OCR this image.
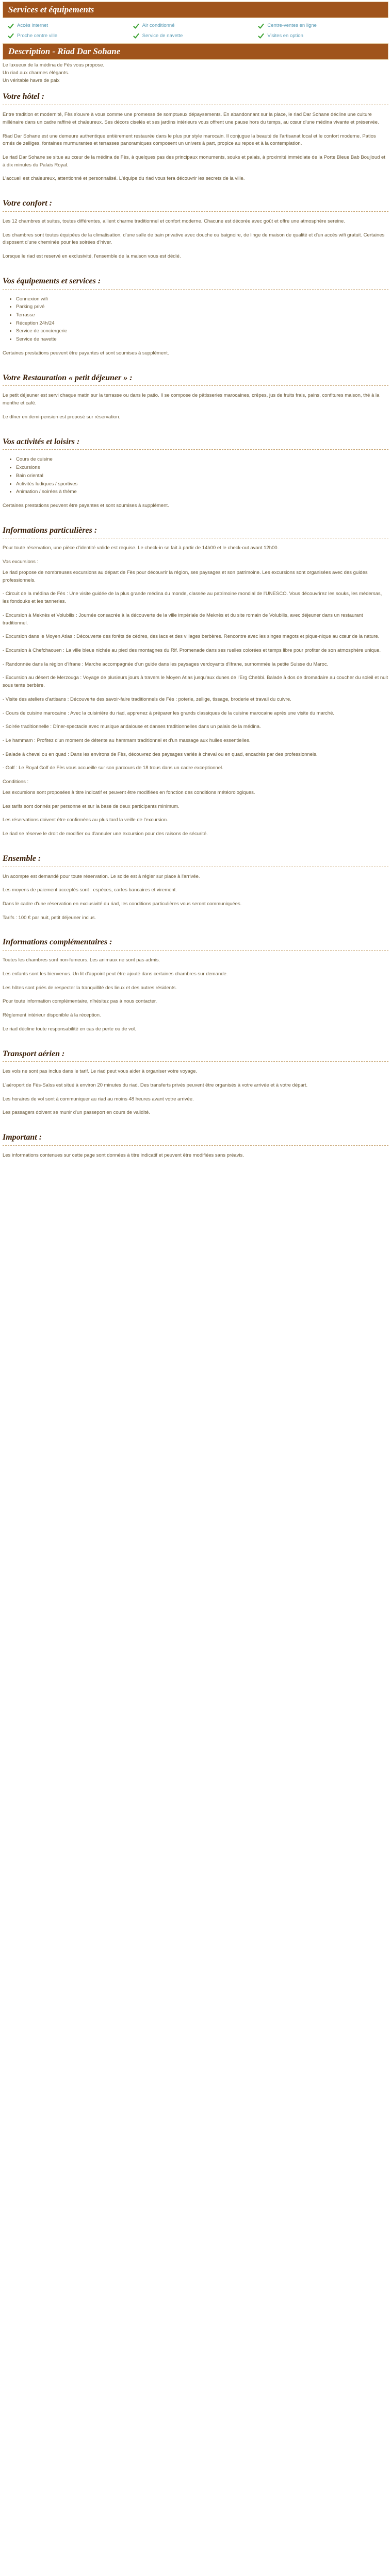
Services et équipements
Accès internet	Air conditionné	Centre-ventes en ligne
Proche centre ville	Service de navette	Visites en option
Description - Riad Dar Sohane
Le luxueux de la médina de Fès vous propose.
Un riad aux charmes élégants.
Un véritable havre de paix
Votre hôtel :

Entre tradition et modernité, Fès s'ouvre à vous comme une promesse de somptueux dépaysements. En abandonnant sur la place, le riad Dar Sohane décline une culture millénaire dans un cadre raffiné et chaleureux. Ses décors ciselés et ses jardins intérieurs vous offrent une pause hors du temps, au cœur d'une médina vivante et préservée.

Riad Dar Sohane est une demeure authentique entièrement restaurée dans le plus pur style marocain. Il conjugue la beauté de l'artisanat local et le confort moderne. Patios ornés de zelliges, fontaines murmurantes et terrasses panoramiques composent un univers à part, propice au repos et à la contemplation.

Le riad Dar Sohane se situe au cœur de la médina de Fès, à quelques pas des principaux monuments, souks et palais, à proximité immédiate de la Porte Bleue Bab Boujloud et à dix minutes du Palais Royal.

L'accueil est chaleureux, attentionné et personnalisé. L'équipe du riad vous fera découvrir les secrets de la ville.

Votre confort :

Les 12 chambres et suites, toutes différentes, allient charme traditionnel et confort moderne. Chacune est décorée avec goût et offre une atmosphère sereine.

Les chambres sont toutes équipées de la climatisation, d'une salle de bain privative avec douche ou baignoire, de linge de maison de qualité et d'un accès wifi gratuit. Certaines disposent d'une cheminée pour les soirées d'hiver.

Lorsque le riad est reservé en exclusivité, l'ensemble de la maison vous est dédié.

Vos équipements et services :
• Connexion wifi
• Parking privé
• Terrasse
• Réception 24h/24
• Service de conciergerie
• Service de navette

Certaines prestations peuvent être payantes et sont soumises à supplément.

Votre Restauration « petit déjeuner » :

Le petit déjeuner est servi chaque matin sur la terrasse ou dans le patio. Il se compose de pâtisseries marocaines, crêpes, jus de fruits frais, pains, confitures maison, thé à la menthe et café.

Le dîner en demi-pension est proposé sur réservation.

Vos activités et loisirs :
• Cours de cuisine
• Excursions
• Bain oriental
• Activités ludiques / sportives
• Animation / soirées à thème

Certaines prestations peuvent être payantes et sont soumises à supplément.

Informations particulières :

Pour toute réservation, une pièce d'identité valide est requise. Le check-in se fait à partir de 14h00 et le check-out avant 12h00.

Vos excursions :

Le riad propose de nombreuses excursions au départ de Fès pour découvrir la région, ses paysages et son patrimoine. Les excursions sont organisées avec des guides professionnels.

- Circuit de la médina de Fès : Une visite guidée de la plus grande médina du monde, classée au patrimoine mondial de l'UNESCO. Vous découvrirez les souks, les médersas, les fondouks et les tanneries.

- Excursion à Meknès et Volubilis : Journée consacrée à la découverte de la ville impériale de Meknès et du site romain de Volubilis, avec déjeuner dans un restaurant traditionnel.

- Excursion dans le Moyen Atlas : Découverte des forêts de cèdres, des lacs et des villages berbères. Rencontre avec les singes magots et pique-nique au cœur de la nature.

- Excursion à Chefchaouen : La ville bleue nichée au pied des montagnes du Rif. Promenade dans ses ruelles colorées et temps libre pour profiter de son atmosphère unique.

- Randonnée dans la région d'Ifrane : Marche accompagnée d'un guide dans les paysages verdoyants d'Ifrane, surnommée la petite Suisse du Maroc.

- Excursion au désert de Merzouga : Voyage de plusieurs jours à travers le Moyen Atlas jusqu'aux dunes de l'Erg Chebbi. Balade à dos de dromadaire au coucher du soleil et nuit sous tente berbère.

- Visite des ateliers d'artisans : Découverte des savoir-faire traditionnels de Fès : poterie, zellige, tissage, broderie et travail du cuivre.

- Cours de cuisine marocaine : Avec la cuisinière du riad, apprenez à préparer les grands classiques de la cuisine marocaine après une visite du marché.

- Soirée traditionnelle : Dîner-spectacle avec musique andalouse et danses traditionnelles dans un palais de la médina.

- Le hammam : Profitez d'un moment de détente au hammam traditionnel et d'un massage aux huiles essentielles.

- Balade à cheval ou en quad : Dans les environs de Fès, découvrez des paysages variés à cheval ou en quad, encadrés par des professionnels.

- Golf : Le Royal Golf de Fès vous accueille sur son parcours de 18 trous dans un cadre exceptionnel.

Conditions :

Les excursions sont proposées à titre indicatif et peuvent être modifiées en fonction des conditions météorologiques.

Les tarifs sont donnés par personne et sur la base de deux participants minimum.

Les réservations doivent être confirmées au plus tard la veille de l'excursion.

Le riad se réserve le droit de modifier ou d'annuler une excursion pour des raisons de sécurité.

Ensemble :

Un acompte est demandé pour toute réservation. Le solde est à régler sur place à l'arrivée.

Les moyens de paiement acceptés sont : espèces, cartes bancaires et virement.

Dans le cadre d'une réservation en exclusivité du riad, les conditions particulières vous seront communiquées.

Tarifs : 100 € par nuit, petit déjeuner inclus.

Informations complémentaires :

Toutes les chambres sont non-fumeurs. Les animaux ne sont pas admis.

Les enfants sont les bienvenus. Un lit d'appoint peut être ajouté dans certaines chambres sur demande.

Les hôtes sont priés de respecter la tranquillité des lieux et des autres résidents.

Pour toute information complémentaire, n'hésitez pas à nous contacter.

Règlement intérieur disponible à la réception.

Le riad décline toute responsabilité en cas de perte ou de vol.

Transport aérien :

Les vols ne sont pas inclus dans le tarif. Le riad peut vous aider à organiser votre voyage.

L'aéroport de Fès-Saïss est situé à environ 20 minutes du riad. Des transferts privés peuvent être organisés à votre arrivée et à votre départ.

Les horaires de vol sont à communiquer au riad au moins 48 heures avant votre arrivée.

Les passagers doivent se munir d'un passeport en cours de validité.

Important :

Les informations contenues sur cette page sont données à titre indicatif et peuvent être modifiées sans préavis.
